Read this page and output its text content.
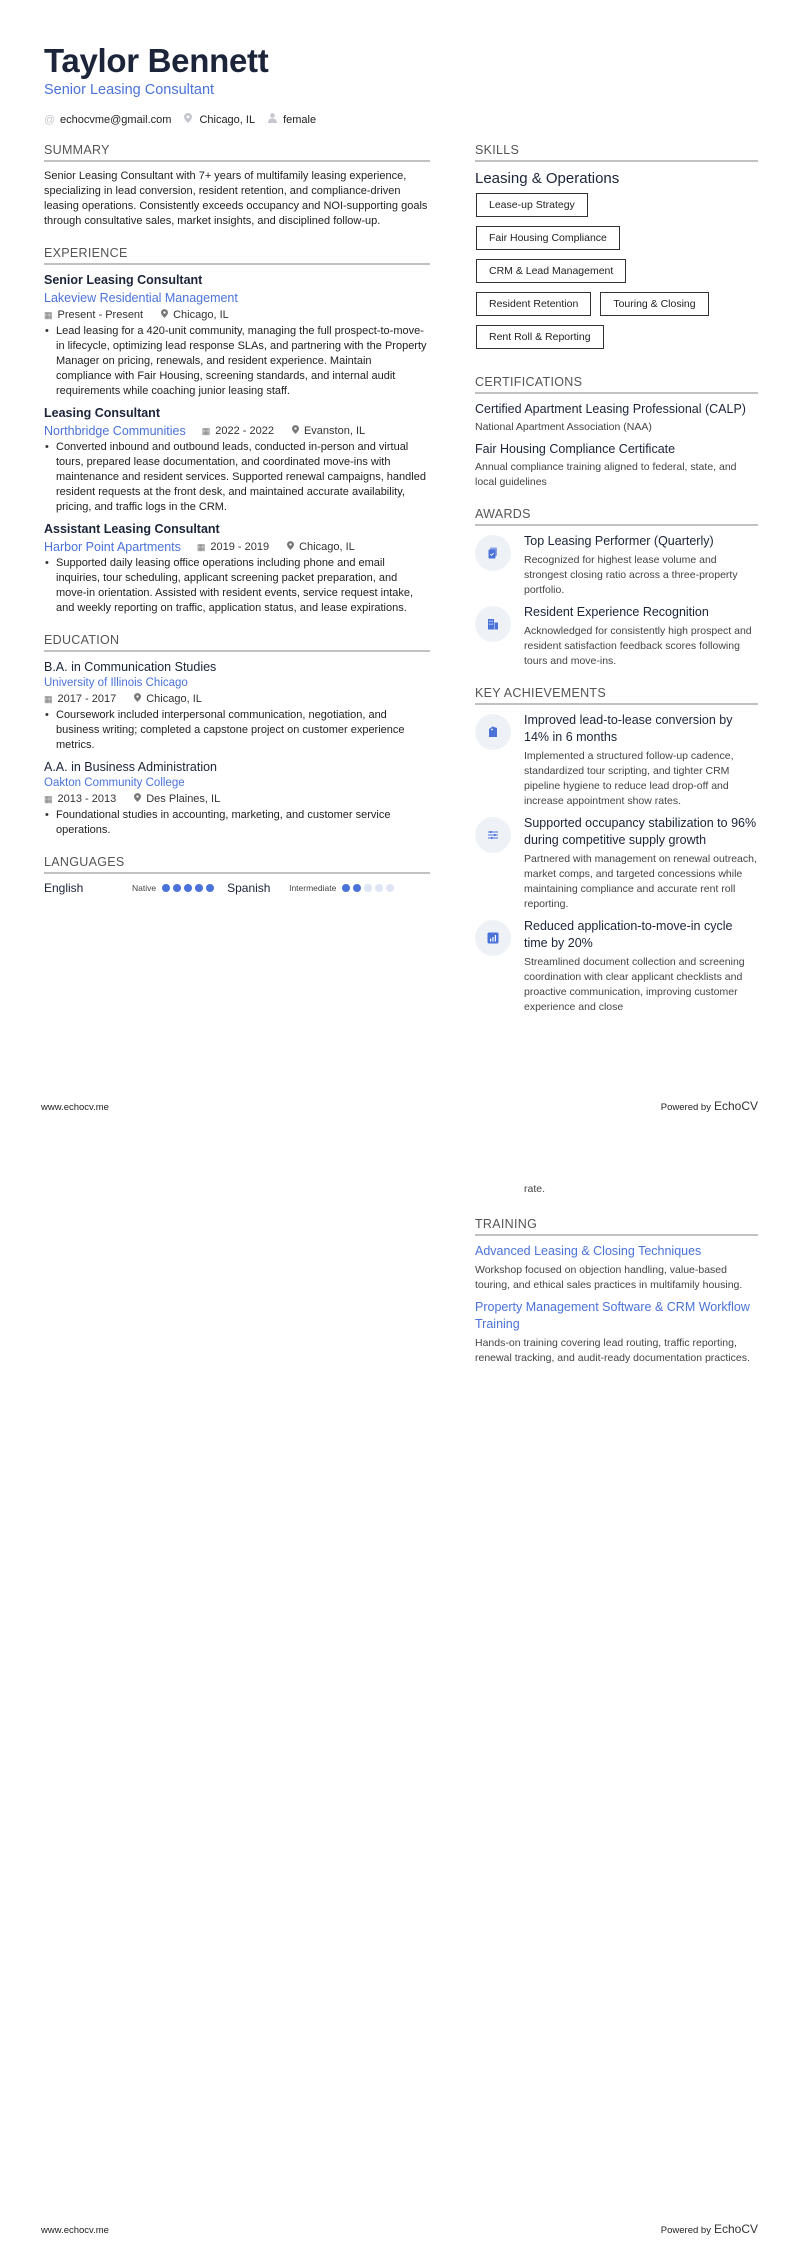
Taylor Bennett
Senior Leasing Consultant
@ echocvme@gmail.com	Chicago, IL	female
SUMMARY
Senior Leasing Consultant with 7+ years of multifamily leasing experience, specializing in lead conversion, resident retention, and compliance-driven leasing operations. Consistently exceeds occupancy and NOI-supporting goals through consultative sales, market insights, and disciplined follow-up.
EXPERIENCE
Senior Leasing Consultant
Lakeview Residential Management
▦ Present - Present	Chicago, IL
• Lead leasing for a 420-unit community, managing the full prospect-to-move-in lifecycle, optimizing lead response SLAs, and partnering with the Property Manager on pricing, renewals, and resident experience. Maintain compliance with Fair Housing, screening standards, and internal audit requirements while coaching junior leasing staff.
Leasing Consultant
Northbridge Communities ▦ 2022 - 2022	Evanston, IL
• Converted inbound and outbound leads, conducted in-person and virtual tours, prepared lease documentation, and coordinated move-ins with maintenance and resident services. Supported renewal campaigns, handled resident requests at the front desk, and maintained accurate availability, pricing, and traffic logs in the CRM.
Assistant Leasing Consultant
Harbor Point Apartments ▦ 2019 - 2019	Chicago, IL
• Supported daily leasing office operations including phone and email inquiries, tour scheduling, applicant screening packet preparation, and move-in orientation. Assisted with resident events, service request intake, and weekly reporting on traffic, application status, and lease expirations.
EDUCATION
B.A. in Communication Studies
University of Illinois Chicago
▦ 2017 - 2017	Chicago, IL
• Coursework included interpersonal communication, negotiation, and business writing; completed a capstone project on customer experience metrics.
A.A. in Business Administration
Oakton Community College
▦ 2013 - 2013	Des Plaines, IL
• Foundational studies in accounting, marketing, and customer service operations.
LANGUAGES
English	Native	Spanish	Intermediate
SKILLS
Leasing & Operations
Lease-up Strategy
Fair Housing Compliance
CRM & Lead Management
Resident Retention	Touring & Closing
Rent Roll & Reporting
CERTIFICATIONS
Certified Apartment Leasing Professional (CALP)
National Apartment Association (NAA)
Fair Housing Compliance Certificate
Annual compliance training aligned to federal, state, and local guidelines
AWARDS
Top Leasing Performer (Quarterly)
Recognized for highest lease volume and strongest closing ratio across a three-property portfolio.
Resident Experience Recognition
Acknowledged for consistently high prospect and resident satisfaction feedback scores following tours and move-ins.
KEY ACHIEVEMENTS
Improved lead-to-lease conversion by 14% in 6 months
Implemented a structured follow-up cadence, standardized tour scripting, and tighter CRM pipeline hygiene to reduce lead drop-off and increase appointment show rates.
Supported occupancy stabilization to 96% during competitive supply growth
Partnered with management on renewal outreach, market comps, and targeted concessions while maintaining compliance and accurate rent roll reporting.
Reduced application-to-move-in cycle time by 20%
Streamlined document collection and screening coordination with clear applicant checklists and proactive communication, improving customer experience and close
www.echocv.me	Powered by EchoCV
rate.
TRAINING
Advanced Leasing & Closing Techniques
Workshop focused on objection handling, value-based touring, and ethical sales practices in multifamily housing.
Property Management Software & CRM Workflow Training
Hands-on training covering lead routing, traffic reporting, renewal tracking, and audit-ready documentation practices.
www.echocv.me	Powered by EchoCV
